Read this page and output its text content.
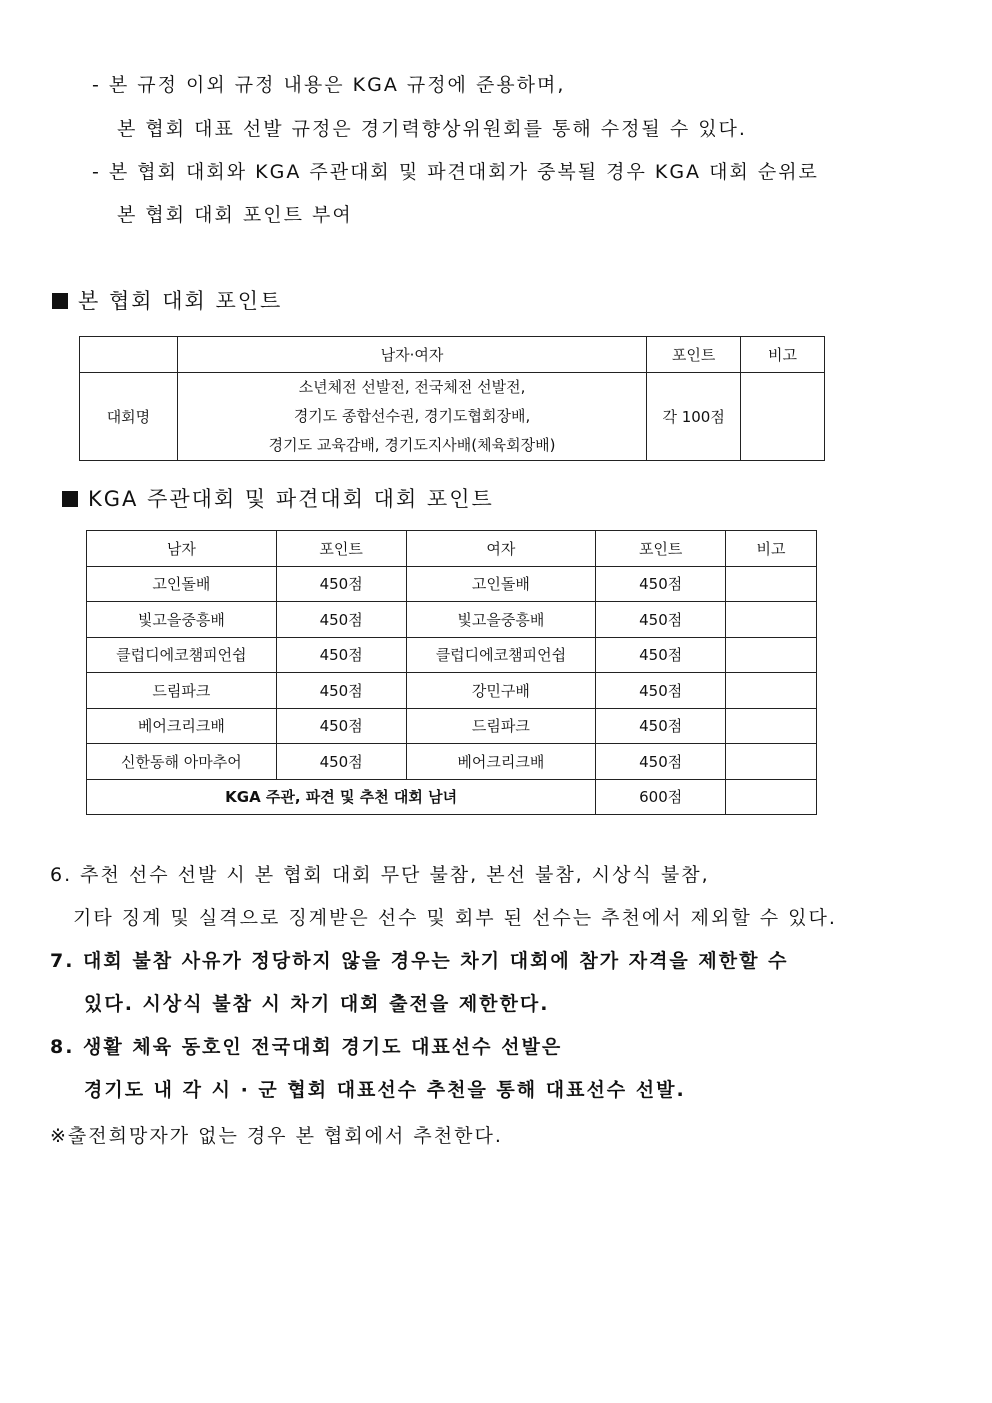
- 본 규정 이외 규정 내용은 KGA 규정에 준용하며,
본 협회 대표 선발 규정은 경기력향상위원회를 통해 수정될 수 있다.
- 본 협회 대회와 KGA 주관대회 및 파견대회가 중복될 경우 KGA 대회 순위로
본 협회 대회 포인트 부여
본 협회 대회 포인트
	남자·여자	포인트	비고
대회명	소년체전 선발전, 전국체전 선발전,
경기도 종합선수권, 경기도협회장배,
경기도 교육감배, 경기도지사배(체육회장배)	각 100점	
KGA 주관대회 및 파견대회 대회 포인트
남자	포인트	여자	포인트	비고
고인돌배	450점	고인돌배	450점	
빛고을중흥배	450점	빛고을중흥배	450점	
클럽디에코챔피언쉽	450점	클럽디에코챔피언쉽	450점	
드림파크	450점	강민구배	450점	
베어크리크배	450점	드림파크	450점	
신한동해 아마추어	450점	베어크리크배	450점	
KGA 주관, 파견 및 추천 대회 남녀			600점	
6. 추천 선수 선발 시 본 협회 대회 무단 불참, 본선 불참, 시상식 불참,
기타 징계 및 실격으로 징계받은 선수 및 회부 된 선수는 추천에서 제외할 수 있다.
7. 대회 불참 사유가 정당하지 않을 경우는 차기 대회에 참가 자격을 제한할 수
있다. 시상식 불참 시 차기 대회 출전을 제한한다.
8. 생활 체육 동호인 전국대회 경기도 대표선수 선발은
경기도 내 각 시 · 군 협회 대표선수 추천을 통해 대표선수 선발.
※출전희망자가 없는 경우 본 협회에서 추천한다.
